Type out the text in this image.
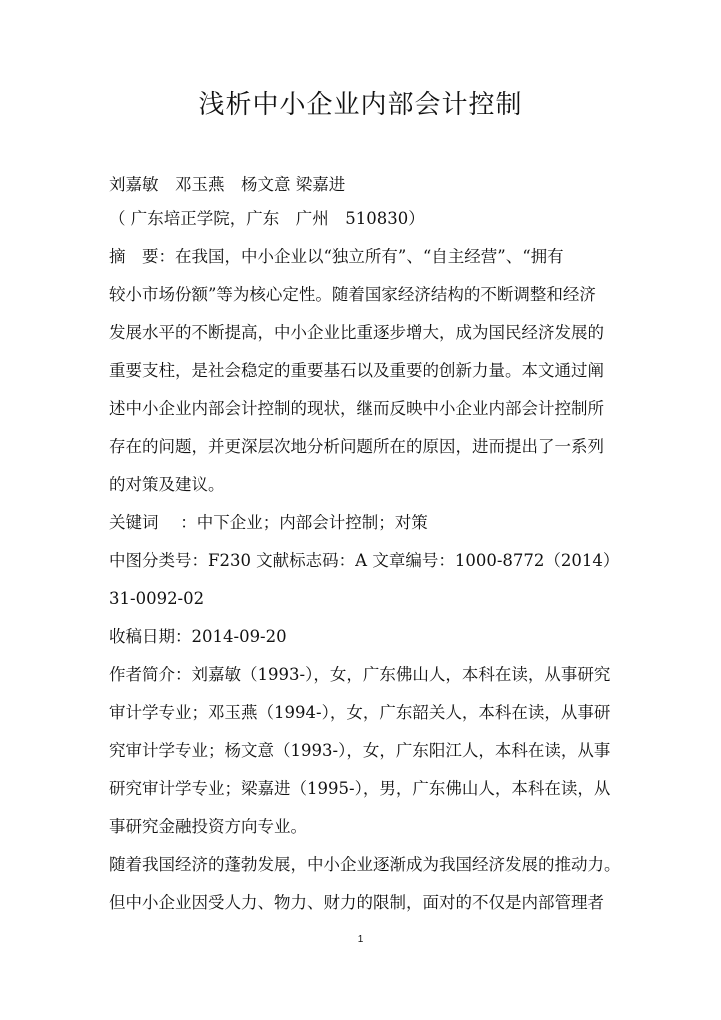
浅析中小企业内部会计控制
刘嘉敏　邓玉燕　杨文意 梁嘉进
（ 广东培正学院，广东　广州　510830）
摘　要：在我国，中小企业以“独立所有”、“自主经营”、“拥有
较小市场份额”等为核心定性。随着国家经济结构的不断调整和经济
发展水平的不断提高，中小企业比重逐步增大，成为国民经济发展的
重要支柱，是社会稳定的重要基石以及重要的创新力量。本文通过阐
述中小企业内部会计控制的现状，继而反映中小企业内部会计控制所
存在的问题，并更深层次地分析问题所在的原因，进而提出了一系列
的对策及建议。
关键词　 ：中下企业；内部会计控制；对策
中图分类号：F230 文献标志码：A 文章编号：1000-8772（2014）
31-0092-02
收稿日期：2014-09-20
作者简介：刘嘉敏（1993-），女，广东佛山人，本科在读，从事研究
审计学专业；邓玉燕（1994-），女，广东韶关人，本科在读，从事研
究审计学专业；杨文意（1993-），女，广东阳江人，本科在读，从事
研究审计学专业；梁嘉进（1995-），男，广东佛山人，本科在读，从
事研究金融投资方向专业。
随着我国经济的蓬勃发展，中小企业逐渐成为我国经济发展的推动力。
但中小企业因受人力、物力、财力的限制，面对的不仅是内部管理者
1
